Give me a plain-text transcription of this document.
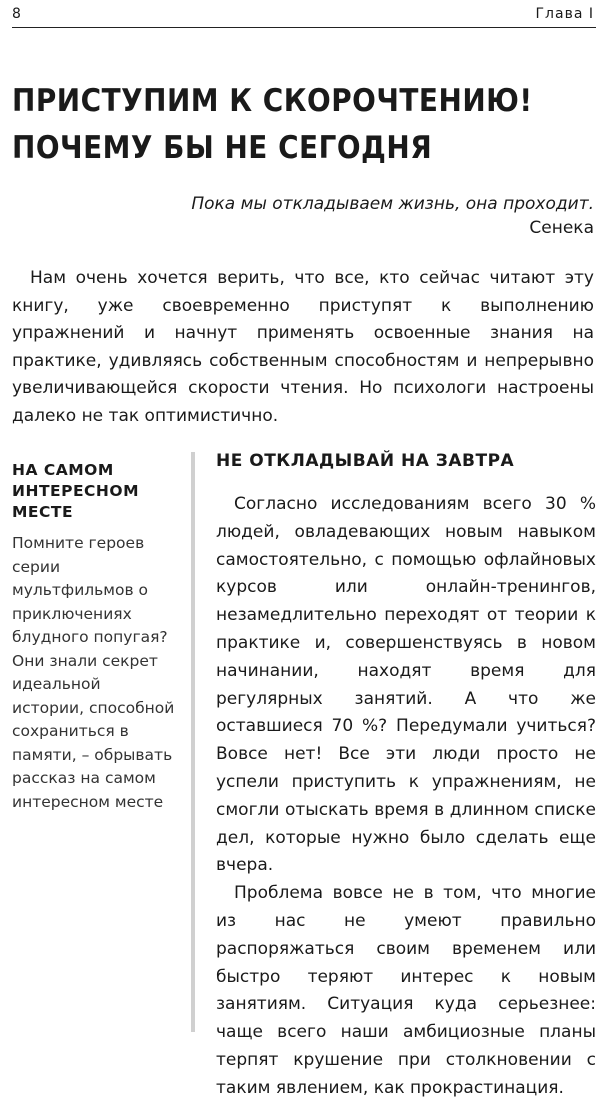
8	Глава I
ПРИСТУПИМ К СКОРОЧТЕНИЮ!
ПОЧЕМУ БЫ НЕ СЕГОДНЯ
Пока мы откладываем жизнь, она проходит.
Сенека

Нам очень хочется верить, что все, кто сейчас читают эту книгу, уже своевременно приступят к выполнению упражнений и начнут применять освоенные знания на практике, удивляясь собственным способностям и непрерывно увеличивающейся скорости чтения. Но психологи настроены далеко не так оптимистично.

НА САМОМ ИНТЕРЕСНОМ МЕСТЕ

Помните героев серии мультфильмов о приключениях блудного попугая? Они знали секрет идеальной истории, способной сохраниться в памяти, – обрывать рассказ на самом интересном месте

НЕ ОТКЛАДЫВАЙ НА ЗАВТРА

Согласно исследованиям всего 30 % людей, овладевающих новым навыком самостоятельно, с помощью офлайновых курсов или онлайн-тренингов, незамедлительно переходят от теории к практике и, совершенствуясь в новом начинании, находят время для регулярных занятий. А что же оставшиеся 70 %? Передумали учиться? Вовсе нет! Все эти люди просто не успели приступить к упражнениям, не смогли отыскать время в длинном списке дел, которые нужно было сделать еще вчера.

Проблема вовсе не в том, что многие из нас не умеют правильно распоряжаться своим временем или быстро теряют интерес к новым занятиям. Ситуация куда серьезнее: чаще всего наши амбициозные планы терпят крушение при столкновении с таким явлением, как прокрастинация.
